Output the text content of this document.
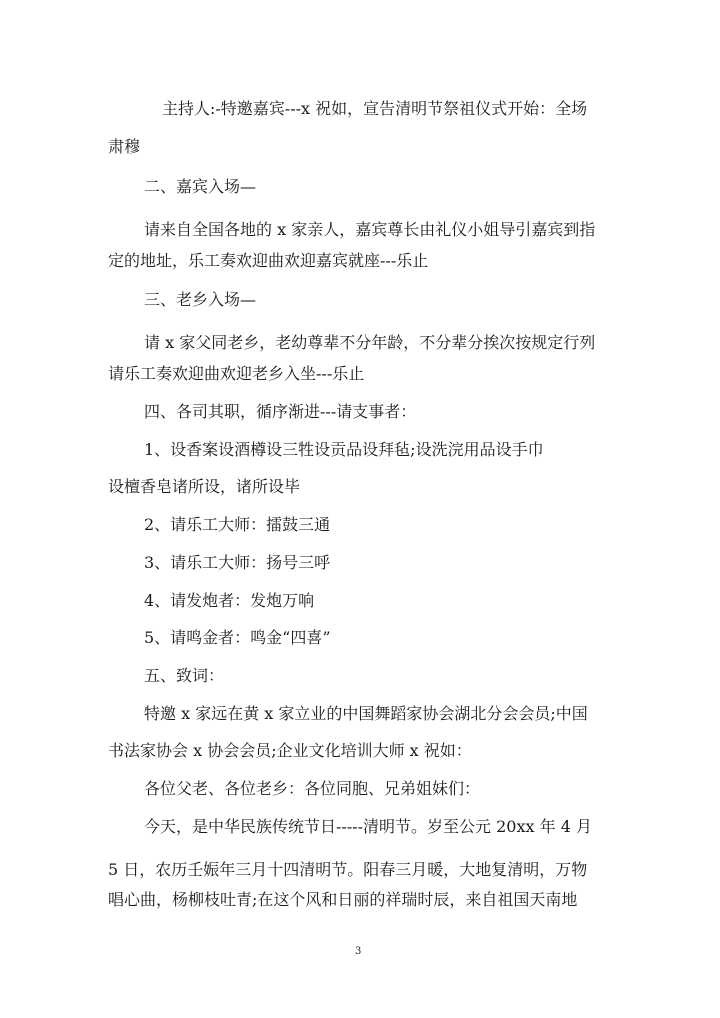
主持人:-特邀嘉宾---x 祝如，宣告清明节祭祖仪式开始：全场

肃穆

二、嘉宾入场—

请来自全国各地的 x 家亲人，嘉宾尊长由礼仪小姐导引嘉宾到指

定的地址，乐工奏欢迎曲欢迎嘉宾就座---乐止

三、老乡入场—

请 x 家父同老乡，老幼尊辈不分年龄，不分辈分挨次按规定行列

请乐工奏欢迎曲欢迎老乡入坐---乐止

四、各司其职，循序渐进---请支事者：

1、设香案设酒樽设三牲设贡品设拜毡;设洗浣用品设手巾

设檀香皂诸所设，诸所设毕

2、请乐工大师：擂鼓三通

3、请乐工大师：扬号三呼

4、请发炮者：发炮万响

5、请鸣金者：鸣金“四喜”

五、致词：

特邀 x 家远在黄 x 家立业的中国舞蹈家协会湖北分会会员;中国

书法家协会 x 协会会员;企业文化培训大师 x 祝如：

各位父老、各位老乡：各位同胞、兄弟姐妹们：

今天，是中华民族传统节日-----清明节。岁至公元 20xx 年 4 月

5 日，农历壬娠年三月十四清明节。阳春三月暖，大地复清明，万物

唱心曲，杨柳枝吐青;在这个风和日丽的祥瑞时辰，来自祖国天南地

3
